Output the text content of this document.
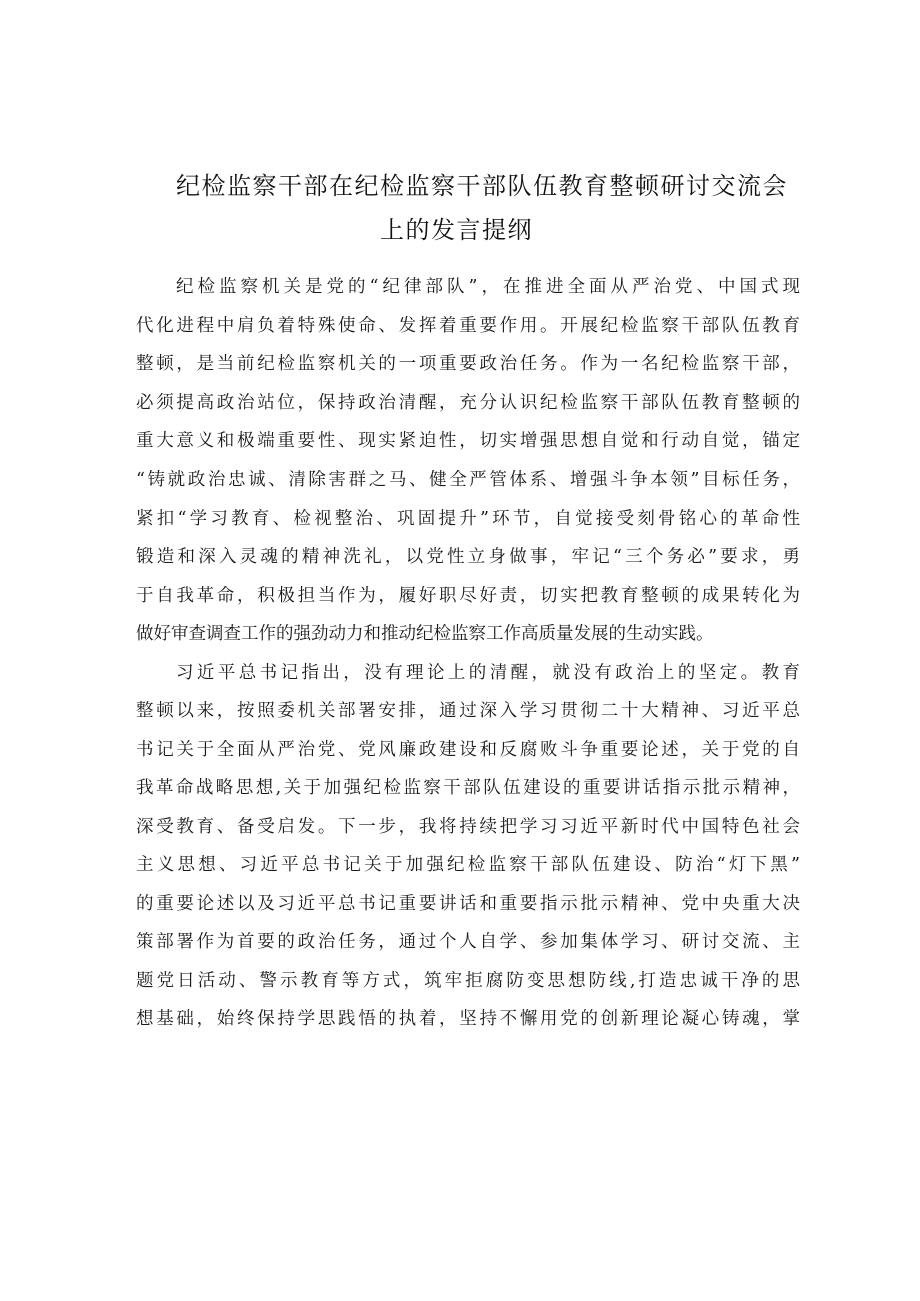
纪检监察干部在纪检监察干部队伍教育整顿研讨交流会
上的发言提纲
纪检监察机关是党的“纪律部队”，在推进全面从严治党、中国式现
代化进程中肩负着特殊使命、发挥着重要作用。开展纪检监察干部队伍教育
整顿，是当前纪检监察机关的一项重要政治任务。作为一名纪检监察干部，
必须提高政治站位，保持政治清醒，充分认识纪检监察干部队伍教育整顿的
重大意义和极端重要性、现实紧迫性，切实增强思想自觉和行动自觉，锚定
“铸就政治忠诚、清除害群之马、健全严管体系、增强斗争本领”目标任务，
紧扣“学习教育、检视整治、巩固提升”环节，自觉接受刻骨铭心的革命性
锻造和深入灵魂的精神洗礼，以党性立身做事，牢记“三个务必”要求，勇
于自我革命，积极担当作为，履好职尽好责，切实把教育整顿的成果转化为
做好审查调查工作的强劲动力和推动纪检监察工作高质量发展的生动实践。
习近平总书记指出，没有理论上的清醒，就没有政治上的坚定。教育
整顿以来，按照委机关部署安排，通过深入学习贯彻二十大精神、习近平总
书记关于全面从严治党、党风廉政建设和反腐败斗争重要论述，关于党的自
我革命战略思想,关于加强纪检监察干部队伍建设的重要讲话指示批示精神，
深受教育、备受启发。下一步，我将持续把学习习近平新时代中国特色社会
主义思想、习近平总书记关于加强纪检监察干部队伍建设、防治“灯下黑”
的重要论述以及习近平总书记重要讲话和重要指示批示精神、党中央重大决
策部署作为首要的政治任务，通过个人自学、参加集体学习、研讨交流、主
题党日活动、警示教育等方式，筑牢拒腐防变思想防线,打造忠诚干净的思
想基础，始终保持学思践悟的执着，坚持不懈用党的创新理论凝心铸魂，掌
